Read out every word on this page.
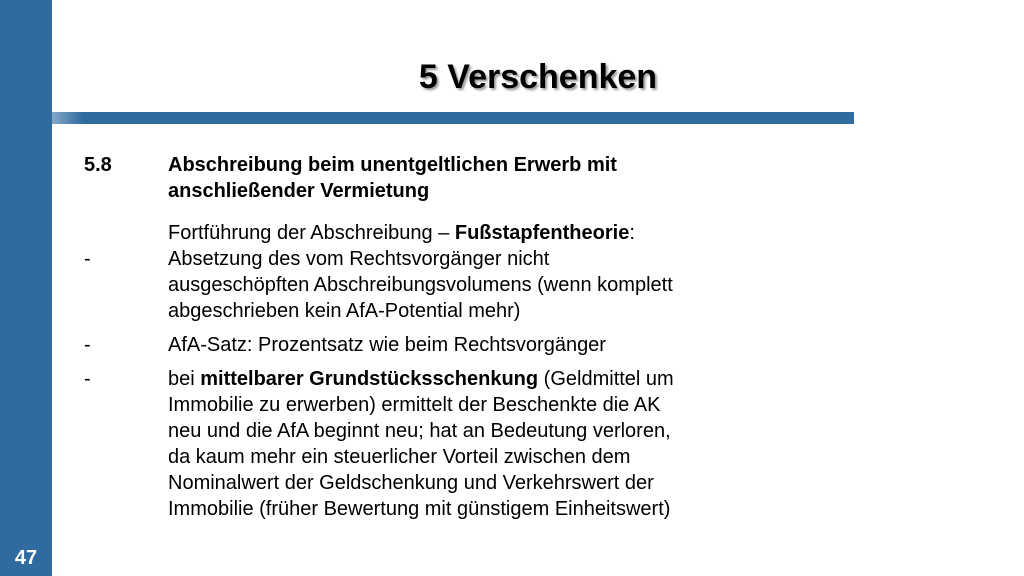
47
5 Verschenken
5.8	Abschreibung beim unentgeltlichen Erwerb mit
anschließender Vermietung
Fortführung der Abschreibung – Fußstapfentheorie:
-	Absetzung des vom Rechtsvorgänger nicht
ausgeschöpften Abschreibungsvolumens (wenn komplett
abgeschrieben kein AfA-Potential mehr)
-	AfA-Satz: Prozentsatz wie beim Rechtsvorgänger
-	bei mittelbarer Grundstücksschenkung (Geldmittel um
Immobilie zu erwerben) ermittelt der Beschenkte die AK
neu und die AfA beginnt neu; hat an Bedeutung verloren,
da kaum mehr ein steuerlicher Vorteil zwischen dem
Nominalwert der Geldschenkung und Verkehrswert der
Immobilie (früher Bewertung mit günstigem Einheitswert)
